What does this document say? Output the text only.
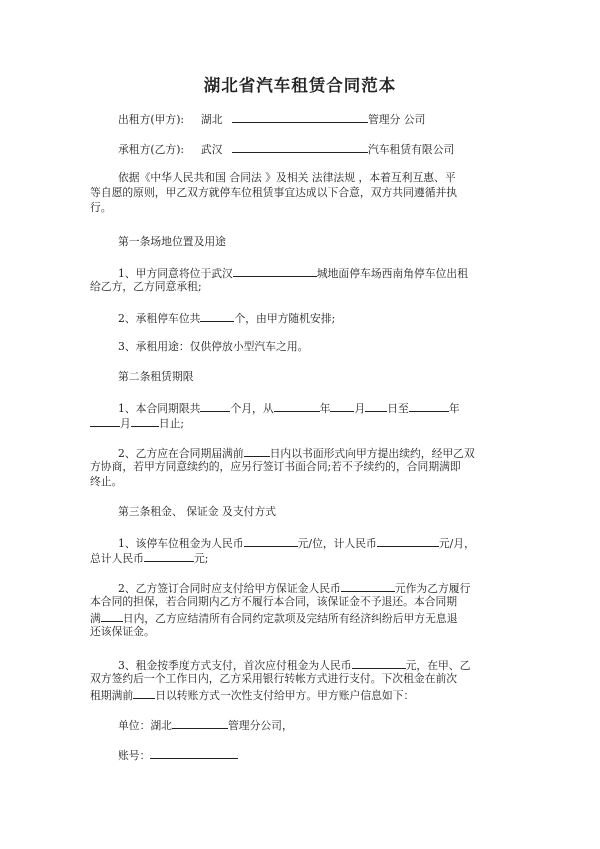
湖北省汽车租赁合同范本
出租方(甲方): 湖北	管理分 公司
承租方(乙方): 武汉	汽车租赁有限公司
依据《中华人民共和国 合同法 》及相关 法律法规 ，本着互利互惠、平
等自愿的原则，甲乙双方就停车位租赁事宜达成以下合意，双方共同遵循并执
行。
第一条场地位置及用途
1、甲方同意将位于武汉	城地面停车场西南角停车位出租
给乙方，乙方同意承租;
2、承租停车位共	个，由甲方随机安排;
3、承租用途：仅供停放小型汽车之用。
第二条租赁期限
1、本合同期限共	个月，从	年 月 日至	年
月	日止;
2、乙方应在合同期届满前 日内以书面形式向甲方提出续约，经甲乙双
方协商，若甲方同意续约的，应另行签订书面合同;若不予续约的，合同期满即
终止。
第三条租金、 保证金 及支付方式
1、该停车位租金为人民币	元/位，计人民币	元/月，
总计人民币	元;
2、乙方签订合同时应支付给甲方保证金人民币	元作为乙方履行
本合同的担保，若合同期内乙方不履行本合同，该保证金不予退还。本合同期
满 日内，乙方应结清所有合同约定款项及完结所有经济纠纷后甲方无息退
还该保证金。
3、租金按季度方式支付，首次应付租金为人民币	元，在甲、乙
双方签约后一个工作日内，乙方采用银行转帐方式进行支付。下次租金在前次
租期满前 日以转账方式一次性支付给甲方。甲方账户信息如下：
单位：湖北	管理分公司，
账号：
